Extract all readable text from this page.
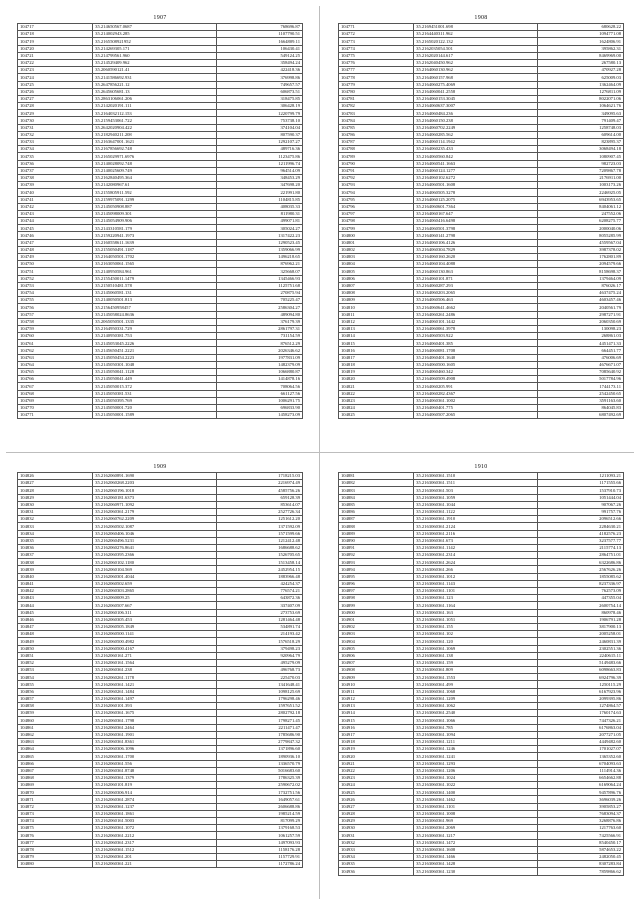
1907
104717	35.214650567.0687	768696.87
104718	35.214002943.285	1107790.51
104719	35.2165508921952	1664809.11
104720	35.214269305.171	106430.41
104721	35.214799561.960	549124.25
104722	35.214529409.962	358494.24
104723	35.2060590121.41	422418.36
104724	35.2141586692.931	376998.86
104725	35.2647856221.12	749657.57
104726	35.2645605681.13	606873.51
104727	35.2863106061.206	318475.85
104728	35.2142020191.111	306428.19
104729	35.2164032112.153	1220799.79
104730	35.2159453061.722	753738.10
104731	35.2642020904.422	374104.04
104732	35.2182940211.208	807590.37
104733	35.2163647001.1621	1292107.27
104734	35.2167856692.748	489716.36
104735	35.2165029971.6976	1123475.86
104736	35.2140028092.748	1211996.74
104737	35.2140025609.749	964514.09
104738	35.2162840495.364	348453.29
104739	35.2142080967.61	347698.20
104740	35.2155805911.592	221991.80
104741	35.2159975091.1299	1104815.85
104742	35.2145050908.887	408035.33
104743	35.2145098009.301	811980.31
104744	35.2145054909.906	499071.81
104745	35.2143310581.179	305024.27
104746	35.2159220941.1973	1317422.23
104747	35.2160558611.1639	1290523.45
104748	35.2155050491.1187	1359066.99
104749	35.2164050501.1702	1496218.65
104750	35.2163050061.1565	876962.21
104751	35.2140950584.961	325668.07
104752	35.2155450011.1479	1345466.93
104753	35.2150510481.578	1125751.68
104754	35.2145060581.131	270875.94
104755	35.2140050501.813	705225.47
104756	35.2156450958457	2586304.27
104757	35.2145058024.8636	489094.80
104758	35.2065050501.1335	376179.39
104759	35.2164950331.729	2861797.31
104760	35.2140950381.753	731154.59
104761	35.2145053045.2226	876512.29
104762	35.2145650451.2221	2026346.62
104763	35.2145050454.2223	1977831.09
104764	35.2145050301.1048	1482379.09
104765	35.2145050041.1128	1066880.87
104766	35.2145050041.449	1414878.16
104767	35.2145050015.372	708064.56
104768	35.2145050381.531	661127.56
104769	35.2145050395.769	1006291.75
104770	35.2145050001.720	696833.90
104771	35.2145050001.1589	1458273.09
1908
104771	35.2169451001.698	680628.22
104772	35.2164440311.962	1094771.08
104773	35.2165020122.132	1624806.91
104774	35.2162035054.501	395862.31
104775	35.2162020144.617	8469969.00
104776	35.2162040450.962	267580.13
104777	35.2164060130.962	470927.28
104778	35.2164060157.968	625009.03
104779	35.2164060275.4069	1362464.09
104780	35.2164060041.2558	1276811.09
104781	35.2164060153.3045	8022071.06
104782	35.2164060637.3007	1064621.76
104783	35.2164060484.236	349095.63
104784	35.2164060150.238	791409.47
104785	35.2164060702.2249	1258748.03
104786	35.2164060285.562	609614.00
104787	35.2164060114.1942	823895.37
104788	35.2164060235.433	3068494.18
104789	35.2164060560.842	1080907.45
104790	35.2164060541.1663	982723.03
104791	35.2164060124.1277	7209867.78
104792	35.2164060102.6272	2176911.00
104793	35.2164060501.1608	1003173.26
104794	35.2164060505.3278	2246925.05
104795	35.2164060125.2075	6943953.65
104796	35.2164060601.7364	8404061.12
104797	35.2164060167.647	247552.06
104798	35.2164060416.6498	6208275.77
104799	35.2164060501.3798	2000040.06
104800	35.2164060141.2798	8055285.99
104801	35.2164060106.4126	4559567.04
104802	35.2164060304.7829	3987378.02
104803	35.2164060160.2620	1762801.89
104804	35.2164060104.4088	2094579.66
104805	35.2164060130.863	8158698.37
104806	35.2164060101.871	1379464.09
104807	35.2164060287.293	876026.17
104808	35.2164060203.2065	4637475.24
104809	35.2164060506.463	4603457.46
104810	35.2164060641.4662	2040561.79
104811	35.2164060261.2486	2987271.91
104812	35.2164060101.1442	2060350.69
104813	35.2164060061.3978	130098.23
104814	35.2164060503.922	268861.03
104815	35.2164060401.385	4451471.33
104816	35.2164060081.1708	664451.77
104817	35.2164060401.1640	476006.69
104818	35.2164060500.1605	4676671.07
104819	35.2164060460.342	7085640.92
104820	35.2164060509.4908	5017784.96
104821	35.2164060205.991	1744173.11
104822	35.2164060282.4367	2542450.65
104823	35.2164060361.1002	3591163.60
104824	35.2164060401.775	864045.83
104825	35.2164060507.2065	6807492.69
1909
104826	35.2162060891.1690	1718215.03
104827	35.2162060268.2203	2216974.49
104828	35.2162060196.1018	4585756.26
104829	35.2162060181.6373	659128.39
104830	35.2162060971.1092	853614.07
104831	35.2162060361.2179	2527726.34
104832	35.2162060762.2209	1251612.20
104833	35.2162060502.1087	1371592.09
104834	35.2162060406.1046	1571599.66
104835	35.2162060496.5231	1212412.48
104836	35.2162060276.8641	1686688.62
104837	35.2162060395.2366	1526705.65
104838	35.2162060102.1180	1513458.14
104839	35.2162060104.569	2452954.15
104840	35.2162060301.4044	1883966.48
104841	35.2162060502.659	424254.37
104842	35.2162060303.2865	776574.21
104843	35.2162060009.25	643872.36
104844	35.2162060507.667	337407.09
104845	35.2162060106.311	273753.69
104846	35.2162060305.453	1281464.48
104847	35.2162060505.1849	534891.74
104848	35.2162060500.1141	214193.42
104849	35.2162060500.4982	1576518.29
104850	35.2162060500.4167	379498.23
104851	35.2162060161.271	920964.79
104852	35.2162060161.1564	495279.09
104853	35.2162060361.238	496768.73
104854	35.2162060261.1178	225470.03
104855	35.2162060361.1421	1341648.41
104856	35.2162060261.1484	1098125.69
104857	35.2162060361.1497	1796298.46
104858	35.2162060101.393	1597651.52
104859	35.2162060361.1675	2802792.18
104860	35.2162060361.1798	1798271.45
104861	35.2162060361.2464	2211471.47
104862	35.2162060361.1901	1785686.90
104863	35.2162060361.8361	2779847.32
104864	35.2162060306.1096	1371896.60
104865	35.2162060361.1700	1890936.10
104866	35.2162060361.556	1336570.79
104867	35.2162060361.8748	5016683.60
104868	35.2162060361.1379	1786325.39
104869	35.2162060101.819	2590672.02
104870	35.2162060306.914	1732751.56
104871	35.2162060361.2874	1649057.61
104872	35.2162060361.1237	2606688.86
104873	35.2162060361.1861	1985214.59
104874	35.2162060161.5003	817099.29
104875	35.2162060361.1072	1379168.53
104876	35.2162060361.2212	1061257.59
104877	35.2162060361.2317	1497093.93
104878	35.2162060361.1512	1158176.28
104879	35.2162060361.201	1157729.91
104880	35.2162060361.221	1172786.24
1910
104881	35.2163060361.1510	1211093.21
104882	35.2163060361.1511	1171555.66
104883	35.2163060361.503	1537910.73
104884	35.2163060361.1059	1051444.04
104885	35.2163060361.1044	907067.26
104886	35.2163060361.1122	991757.76
104887	35.2163060361.1910	2096512.66
104888	35.2163060361.2124	2284630.21
104889	35.2163060361.2116	4182576.23
104890	35.2163060361.673	3237577.77
104891	35.2163060361.1142	2115774.13
104892	35.2163060361.2314	2864751.01
104893	35.2163060361.2624	6322686.86
104894	35.2163060361.266	2567626.26
104895	35.2163060361.1012	1855085.62
104896	35.2163060361.1143	8237336.97
104897	35.2163060361.1101	762573.09
104898	35.2163060361.123	447355.04
104899	35.2163060361.1164	2600754.14
104900	35.2163060361.163	860978.46
104901	35.2163060361.1051	1906791.28
104902	35.2163060361.155	3817900.13
104903	35.2163060361.102	2005258.01
104904	35.2163060361.120	2460831.39
104905	35.2163060361.1069	2302551.36
104906	35.2163060361.138	2240615.11
104907	35.2163060361.159	5149483.66
104908	35.2163060361.809	6098663.83
104909	35.2163060361.1553	6924796.39
104910	35.2163060361.499	1250115.29
104911	35.2163060361.1068	6167923.96
104912	35.2163060361.1209	2099395.86
104913	35.2163060361.1062	1274864.57
104914	35.2163060361.2540	1760174.63
104915	35.2163060361.1066	7447326.21
104916	35.2163060361.785	6176863.04
104917	35.2163060361.1094	2077271.05
104918	35.2163060361.1211	4449482.60
104919	35.2163060361.1246	1701027.07
104920	35.2163060361.1241	1365352.60
104921	35.2163060361.1293	6704093.63
104922	35.2163060361.1206	1114914.36
104923	35.2163060361.1024	6654662.88
104924	35.2163060361.1022	6169064.24
104925	35.2163060361.1400	9457896.76
104926	35.2163060361.1462	3696039.26
104927	35.2163060361.1101	3905853.27
104928	35.2163060361.1008	7683094.37
104929	35.2163060361.969	3268876.86
104930	35.2163060361.2069	1217763.60
104931	35.2163060361.1217	7425566.91
104932	35.2163060361.1472	8540450.17
104933	35.2163060361.1608	5874653.22
104934	35.2163060361.1466	2482050.45
104935	35.2163060361.1428	8307283.84
104936	35.2163060361.1230	7859866.62
